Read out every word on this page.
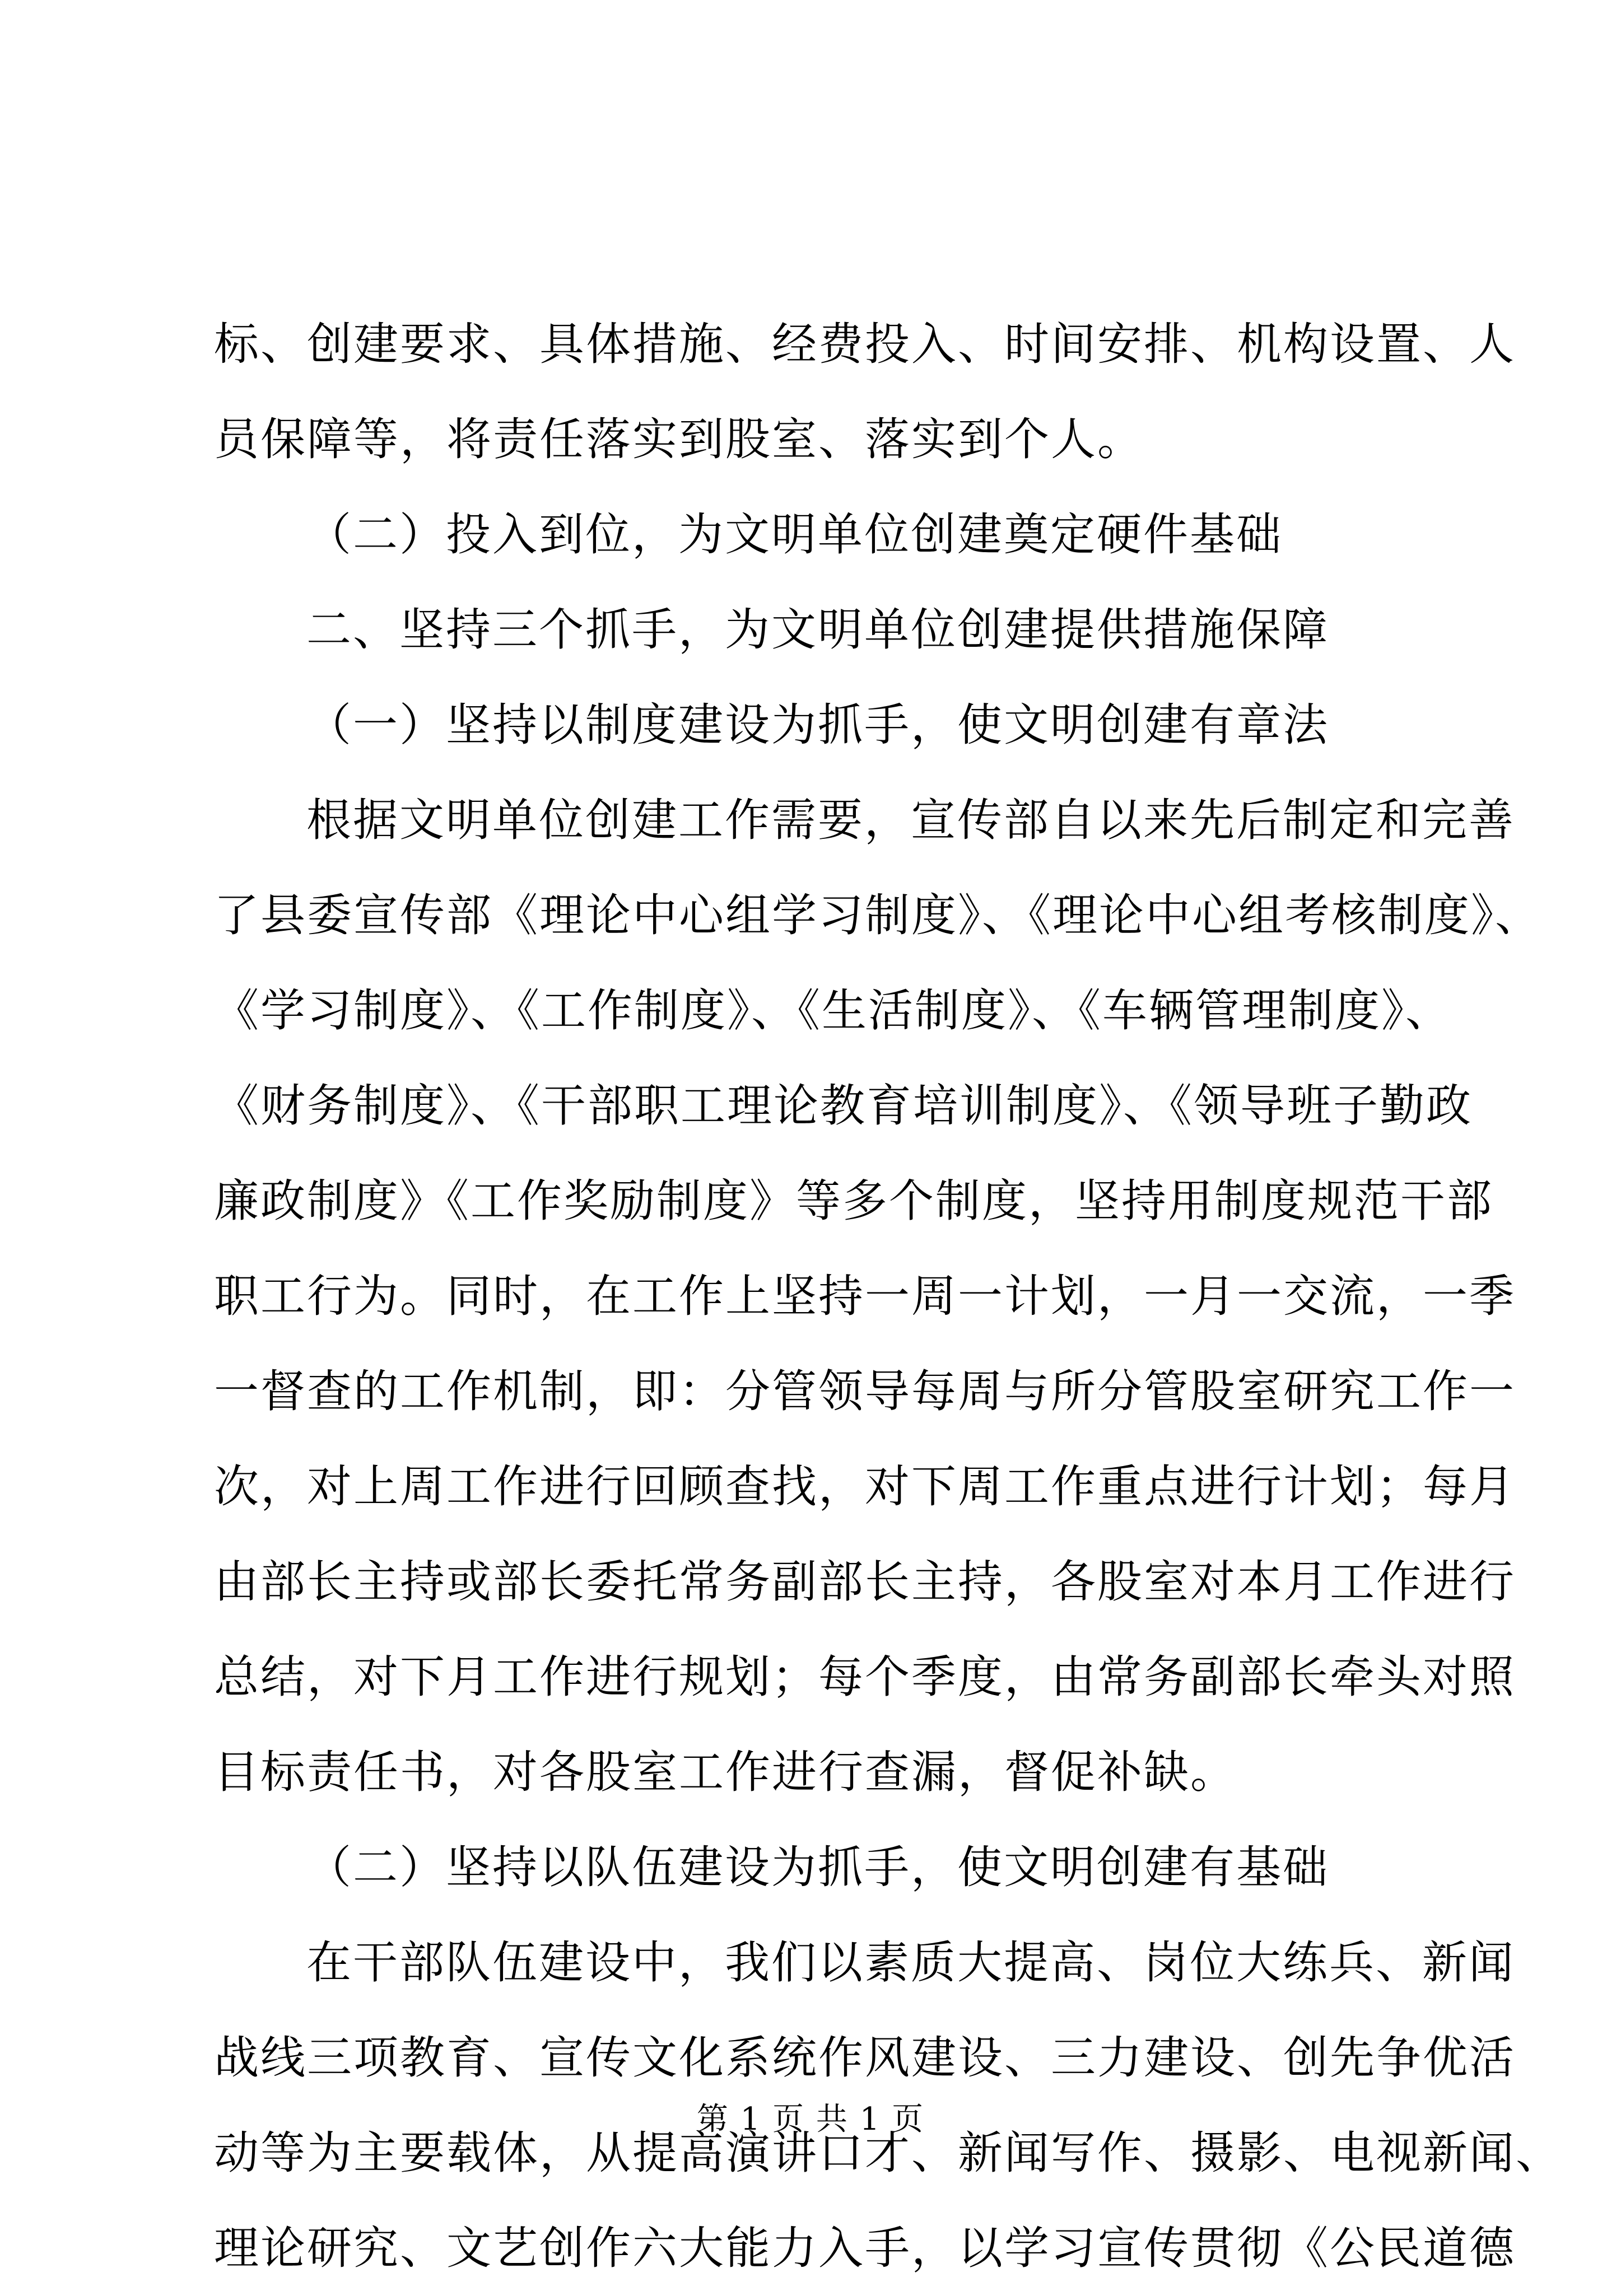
标、创建要求、具体措施、经费投入、时间安排、机构设置、人
员保障等，将责任落实到股室、落实到个人。
（二）投入到位，为文明单位创建奠定硬件基础
二、坚持三个抓手，为文明单位创建提供措施保障
（一）坚持以制度建设为抓手，使文明创建有章法
根据文明单位创建工作需要，宣传部自以来先后制定和完善
了县委宣传部《理论中心组学习制度》、《理论中心组考核制度》、
《学习制度》、《工作制度》、《生活制度》、《车辆管理制度》、
《财务制度》、《干部职工理论教育培训制度》、《领导班子勤政
廉政制度》《工作奖励制度》等多个制度，坚持用制度规范干部
职工行为。同时，在工作上坚持一周一计划，一月一交流，一季
一督查的工作机制，即：分管领导每周与所分管股室研究工作一
次，对上周工作进行回顾查找，对下周工作重点进行计划；每月
由部长主持或部长委托常务副部长主持，各股室对本月工作进行
总结，对下月工作进行规划；每个季度，由常务副部长牵头对照
目标责任书，对各股室工作进行查漏，督促补缺。
（二）坚持以队伍建设为抓手，使文明创建有基础
在干部队伍建设中，我们以素质大提高、岗位大练兵、新闻
战线三项教育、宣传文化系统作风建设、三力建设、创先争优活
动等为主要载体，从提高演讲口才、新闻写作、摄影、电视新闻、
理论研究、文艺创作六大能力入手，以学习宣传贯彻《公民道德
第 1 页 共 1 页
